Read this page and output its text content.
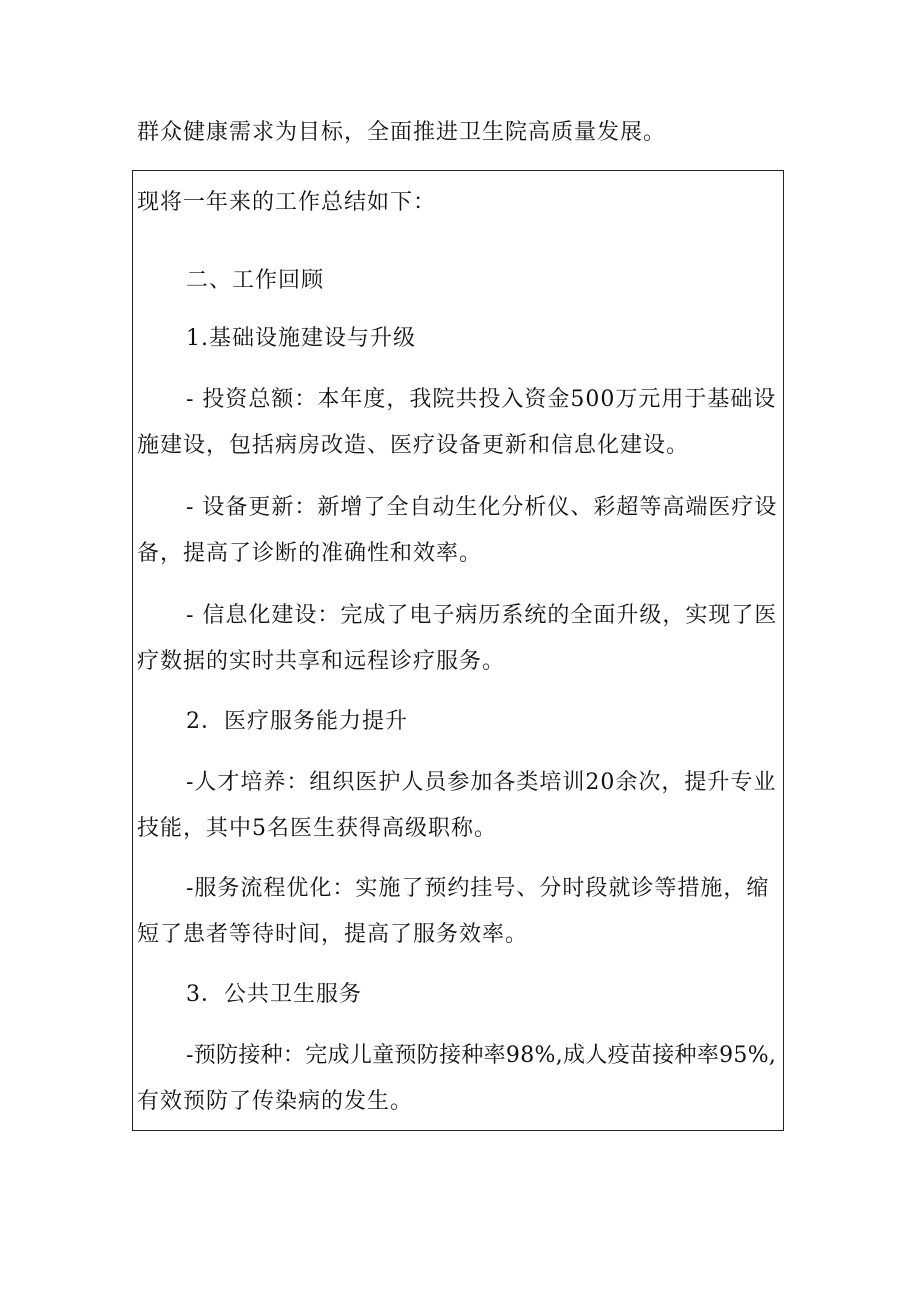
群众健康需求为目标，全面推进卫生院高质量发展。
现将一年来的工作总结如下：
二、工作回顾
1.基础设施建设与升级
- 投资总额：本年度，我院共投入资金500万元用于基础设
施建设，包括病房改造、医疗设备更新和信息化建设。
- 设备更新：新增了全自动生化分析仪、彩超等高端医疗设
备，提高了诊断的准确性和效率。
- 信息化建设：完成了电子病历系统的全面升级，实现了医
疗数据的实时共享和远程诊疗服务。
2．医疗服务能力提升
-人才培养：组织医护人员参加各类培训20余次，提升专业
技能，其中5名医生获得高级职称。
-服务流程优化：实施了预约挂号、分时段就诊等措施，缩
短了患者等待时间，提高了服务效率。
3．公共卫生服务
-预防接种：完成儿童预防接种率98%,成人疫苗接种率95%,
有效预防了传染病的发生。
